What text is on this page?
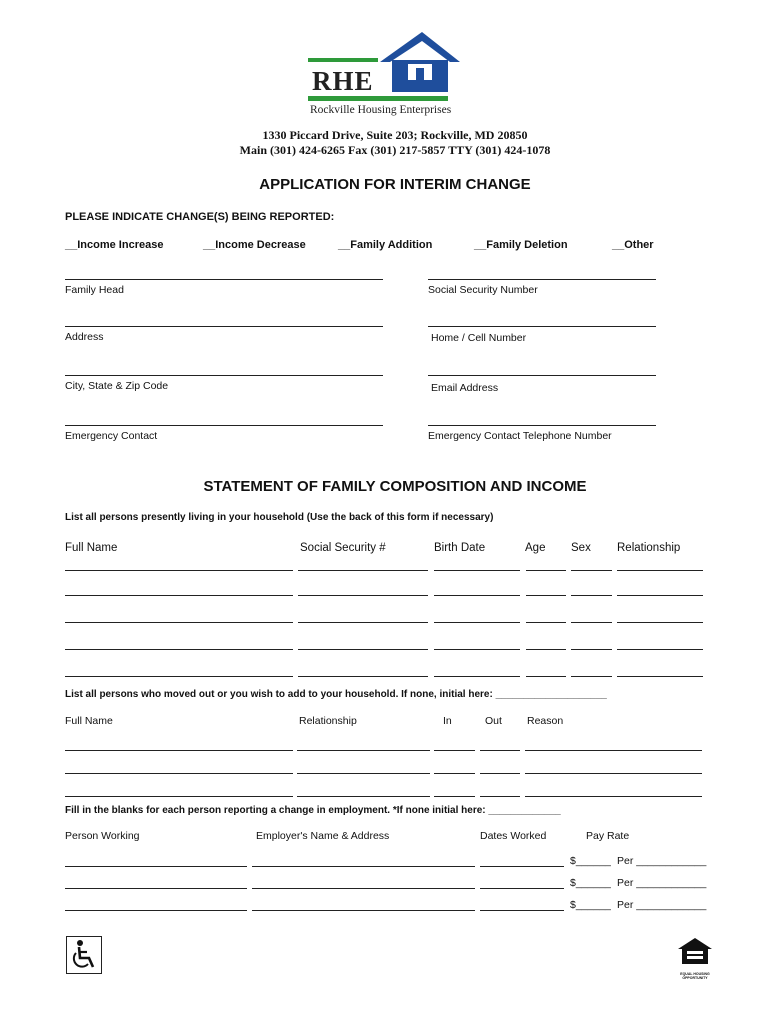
RHE
Rockville Housing Enterprises
1330 Piccard Drive, Suite 203; Rockville, MD 20850
Main (301) 424-6265 Fax (301) 217-5857 TTY (301) 424-1078
APPLICATION FOR INTERIM CHANGE
PLEASE INDICATE CHANGE(S) BEING REPORTED:
__Income Increase	__Income Decrease	__Family Addition	__Family Deletion	__Other
Family Head	Social Security Number
Address	Home / Cell Number
City, State & Zip Code	Email Address
Emergency Contact	Emergency Contact Telephone Number
STATEMENT OF FAMILY COMPOSITION AND INCOME
List all persons presently living in your household (Use the back of this form if necessary)
Full Name	Social Security #	Birth Date	Age Sex Relationship
List all persons who moved out or you wish to add to your household. If none, initial here: ____________________
Full Name	Relationship	In	Out Reason
Fill in the blanks for each person reporting a change in employment. *If none initial here: _____________
Person Working	Employer's Name & Address	Dates Worked	Pay Rate
$______ Per ____________
$______ Per ____________
$______ Per ____________
EQUAL HOUSING OPPORTUNITY
